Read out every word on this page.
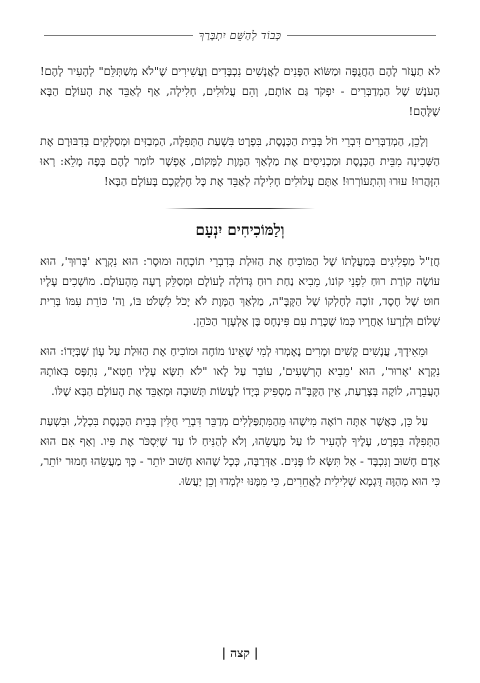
כְּבוֹד לְהַשֵּׁם יִתְבָּרַךְ

לא תַעֲזֹר לָהֶם הַחֲנֻפָּה וּמַשּׂוֹא הַפָּנִים לַאֲנָשִׁים נִכְבָּדִים וַעֲשִׁירִים שֶׁ"לֹא מְשַׁתְּלֵּם" לְהָעִיר לָהֶם! הָעֹנֶשׁ שֶׁל הַמְדַבְּרִים - יִפְקֹד גַּם אוֹתָם, וְהֵם עֲלוּלִים, חָלִילָה, אַף לְאַבֵּד אֶת הָעוֹלָם הַבָּא שֶׁלָּהֶם!

וְלָכֵן, הַמְדַבְּרִים דִּבְרֵי חֹל בְּבֵית הַכְּנֶסֶת, בִּפְרָט בִּשְׁעַת הַתְּפִלָּה, הַמְבַזִּים וּמְסַלְּקִים בְּדִבּוּרָם אֶת הַשְּׁכִינָה מִבֵּית הַכְּנֶסֶת וּמַכְנִיסִים אֶת מַלְאַךְ הַמָּוֶת לַמָּקוֹם, אֶפְשָׁר לוֹמַר לָהֶם בְּפֶה מָלֵא: רְאוּ הִזָּהֲרוּ! עוּרוּ וְהִתְעוֹרְרוּ! אַתֶּם עֲלוּלִים חָלִילָה לְאַבֵּד אֶת כָּל חֶלְקְכֶם בָּעוֹלָם הַבָּא!

וְלַמּוֹכִיחִים יִנְעָם

חֲזַ"ל מַפְלִיגִים בְּמַעֲלָתוֹ שֶׁל הַמּוֹכִיחַ אֶת הַזּוּלַת בְּדִבְרֵי תוֹכָחָה וּמוּסָר: הוּא נִקְרָא 'בָּרוּךְ', הוּא עוֹשֶׂה קוֹרַת רוּחַ לִפְנֵי קוֹנוֹ, מֵבִיא נַחַת רוּחַ גְּדוֹלָה לָעוֹלָם וּמְסַלֵּק רָעָה מֵהָעוֹלָם. מוֹשְׁכִים עָלָיו חוּט שֶׁל חֶסֶד, זוֹכֶה לְחֶלְקוֹ שֶׁל הַקָּבָּ"ה, מַלְאַךְ הַמָּוֶת לֹא יָכֹל לִשְׁלֹט בּוֹ, וַה' כּוֹרֵת עִמּוֹ בְּרִית שָׁלוֹם וּלְזַרְעוֹ אַחֲרָיו כְּמוֹ שֶׁכָּרַת עִם פִּינְחָס בֶּן אֶלְעָזָר הַכֹּהֵן.

וּמֵאִידָךְ, עֲנָשִׁים קָשִׁים וּמָרִים נֶאֶמְרוּ לְמִי שֶׁאֵינוֹ מוֹחֶה וּמוֹכִיחַ אֶת הַזּוּלַת עַל עָוֹן שֶׁבְּיָדוֹ: הוּא נִקְרָא 'אָרוּר', הוּא 'מֵבִיא הָרְשָׁעִים', עוֹבֵר עַל לָאו "לֹא תִשָּׂא עָלָיו חֵטְא", נִתְפָּס בְּאוֹתָהּ הָעֲבֵרָה, לוֹקֶה בְּצָרַעַת, אֵין הַקָּבָּ"ה מַסְפִּיק בְּיָדוֹ לַעֲשׂוֹת תְּשׁוּבָה וּמְאַבֵּד אֶת הָעוֹלָם הַבָּא שֶׁלּוֹ.

עַל כֵּן, כַּאֲשֶׁר אַתָּה רוֹאֶה מִישֶׁהוּ מֵהַמִּתְפַּלְּלִים מְדַבֵּר דִּבְרֵי חֻלִּין בְּבֵית הַכְּנֶסֶת בִּכְלָל, וּבִשְׁעַת הַתְּפִלָּה בִּפְרָט, עָלֶיךָ לְהָעִיר לוֹ עַל מַעֲשֵׂהוּ, וְלֹא לְהַנִּיחַ לוֹ עַד שֶׁיִּסְכֹּר אֶת פִּיו. וְאַף אִם הוּא אָדָם חָשׁוּב וְנִכְבָּד - אַל תִּשָּׂא לוֹ פָּנִים. אַדְּרַבָּה, כְּכָל שֶׁהוּא חָשׁוּב יוֹתֵר - כָּךְ מַעֲשֵׂהוּ חָמוּר יוֹתֵר, כִּי הוּא מְהַוֶּה דֻּגְמָא שְׁלִילִית לַאֲחֵרִים, כִּי מִמֶּנּוּ יִלְמְדוּ וְכֵן יַעֲשׂוּ.

| קצה |
